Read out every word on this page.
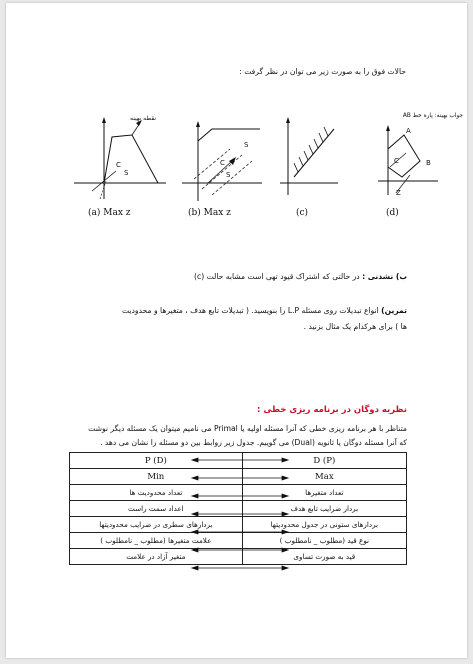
حالات فوق را به صورت زیر می توان در نظر گرفت :
C
S
نقطه بهینه
(a) Max z
S
C
S
(b) Max z	(c)
A
C	B
Z
جواب بهینه: پاره خط AB
(d)
ب) نشدنی : در حالتی که اشتراک قیود تهی است مشابه حالت (c)
تمرین) انواع تبدیلات روی مسئله L.P را بنویسید. ( تبدیلات تابع هدف ، متغیرها و محدودیت
ها ) برای هرکدام یک مثال بزنید .
نظریه دوگان در برنامه ریزی خطی :
متناظر با هر برنامه ریزی خطی که آنرا مسئله اولیه یا Primal می نامیم میتوان یک مسئله دیگر نوشت
که آنرا مسئله دوگان یا ثانویه (Dual) می گوییم. جدول زیر روابط بین دو مسئله را نشان می دهد .
P (D)	D (P)
Min	Max
تعداد محدودیت ها	تعداد متغیرها
اعداد سمت راست	بردار ضرایب تابع هدف
بردارهای سطری در ضرایب محدودیتها	بردارهای ستونی در جدول محدودیتها
علامت متغیرها (مطلوب _ نامطلوب )	نوع قید (مطلوب _ نامطلوب )
متغیر آزاد در علامت	قید به صورت تساوی
